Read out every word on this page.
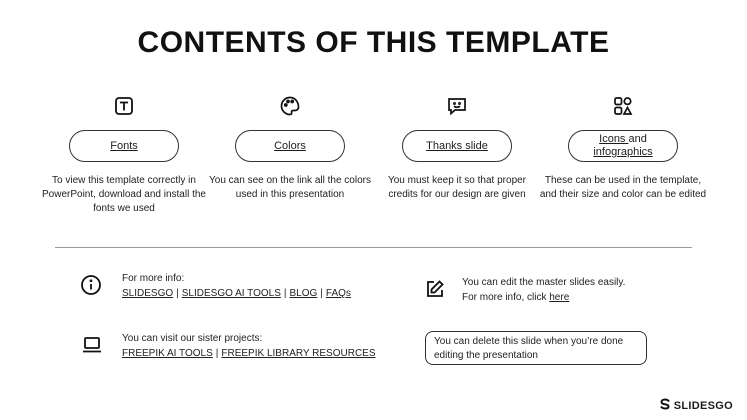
CONTENTS OF THIS TEMPLATE
Fonts
To view this template correctly in PowerPoint, download and install the fonts we used
Colors
You can see on the link all the colors used in this presentation
Thanks slide
You must keep it so that proper credits for our design are given
Icons and
infographics
These can be used in the template, and their size and color can be edited
For more info:
SLIDESGO | SLIDESGO AI TOOLS | BLOG | FAQs
You can visit our sister projects:
FREEPIK AI TOOLS | FREEPIK LIBRARY RESOURCES
You can edit the master slides easily.
For more info, click here
You can delete this slide when you’re done editing the presentation
SLIDESGO
